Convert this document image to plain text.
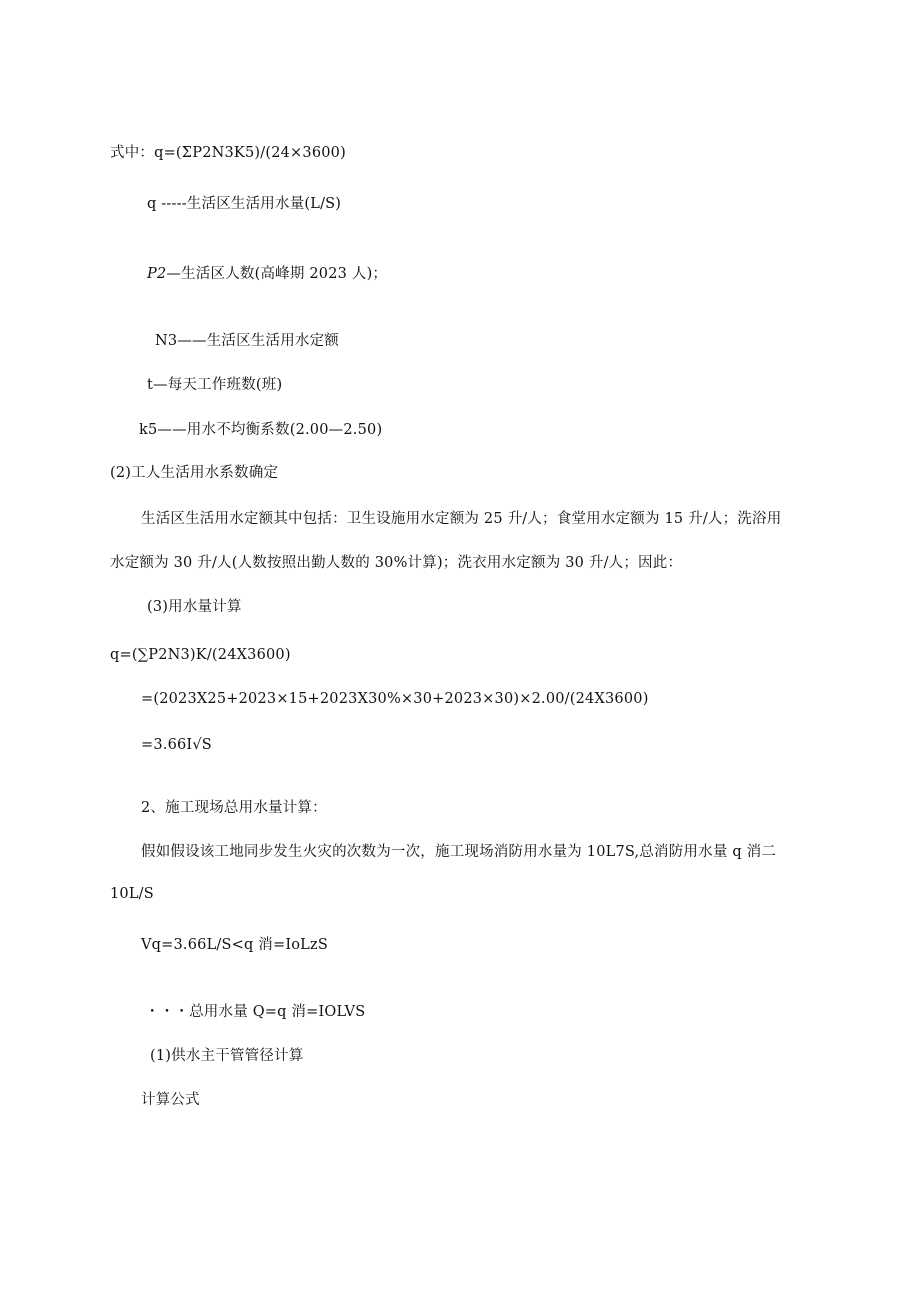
式中：q=(ΣP2N3K5)/(24×3600)
q -----生活区生活用水量(L/S)
P2—生活区人数(高峰期 2023 人)；
N3——生活区生活用水定额
t—每天工作班数(班)
k5——用水不均衡系数(2.00—2.50)
(2)工人生活用水系数确定
生活区生活用水定额其中包括：卫生设施用水定额为 25 升/人；食堂用水定额为 15 升/人；洗浴用
水定额为 30 升/人(人数按照出勤人数的 30%计算)；洗衣用水定额为 30 升/人；因此：
(3)用水量计算
q=(∑P2N3)K/(24X3600)
=(2023X25+2023×15+2023X30%×30+2023×30)×2.00/(24X3600)
=3.66I√S
2、施工现场总用水量计算：
假如假设该工地同步发生火灾的次数为一次，施工现场消防用水量为 10L7S,总消防用水量 q 消二
10L/S
Vq=3.66L/S<q 消=IoLzS
・・・总用水量 Q=q 消=IOLVS
(1)供水主干管管径计算
计算公式
